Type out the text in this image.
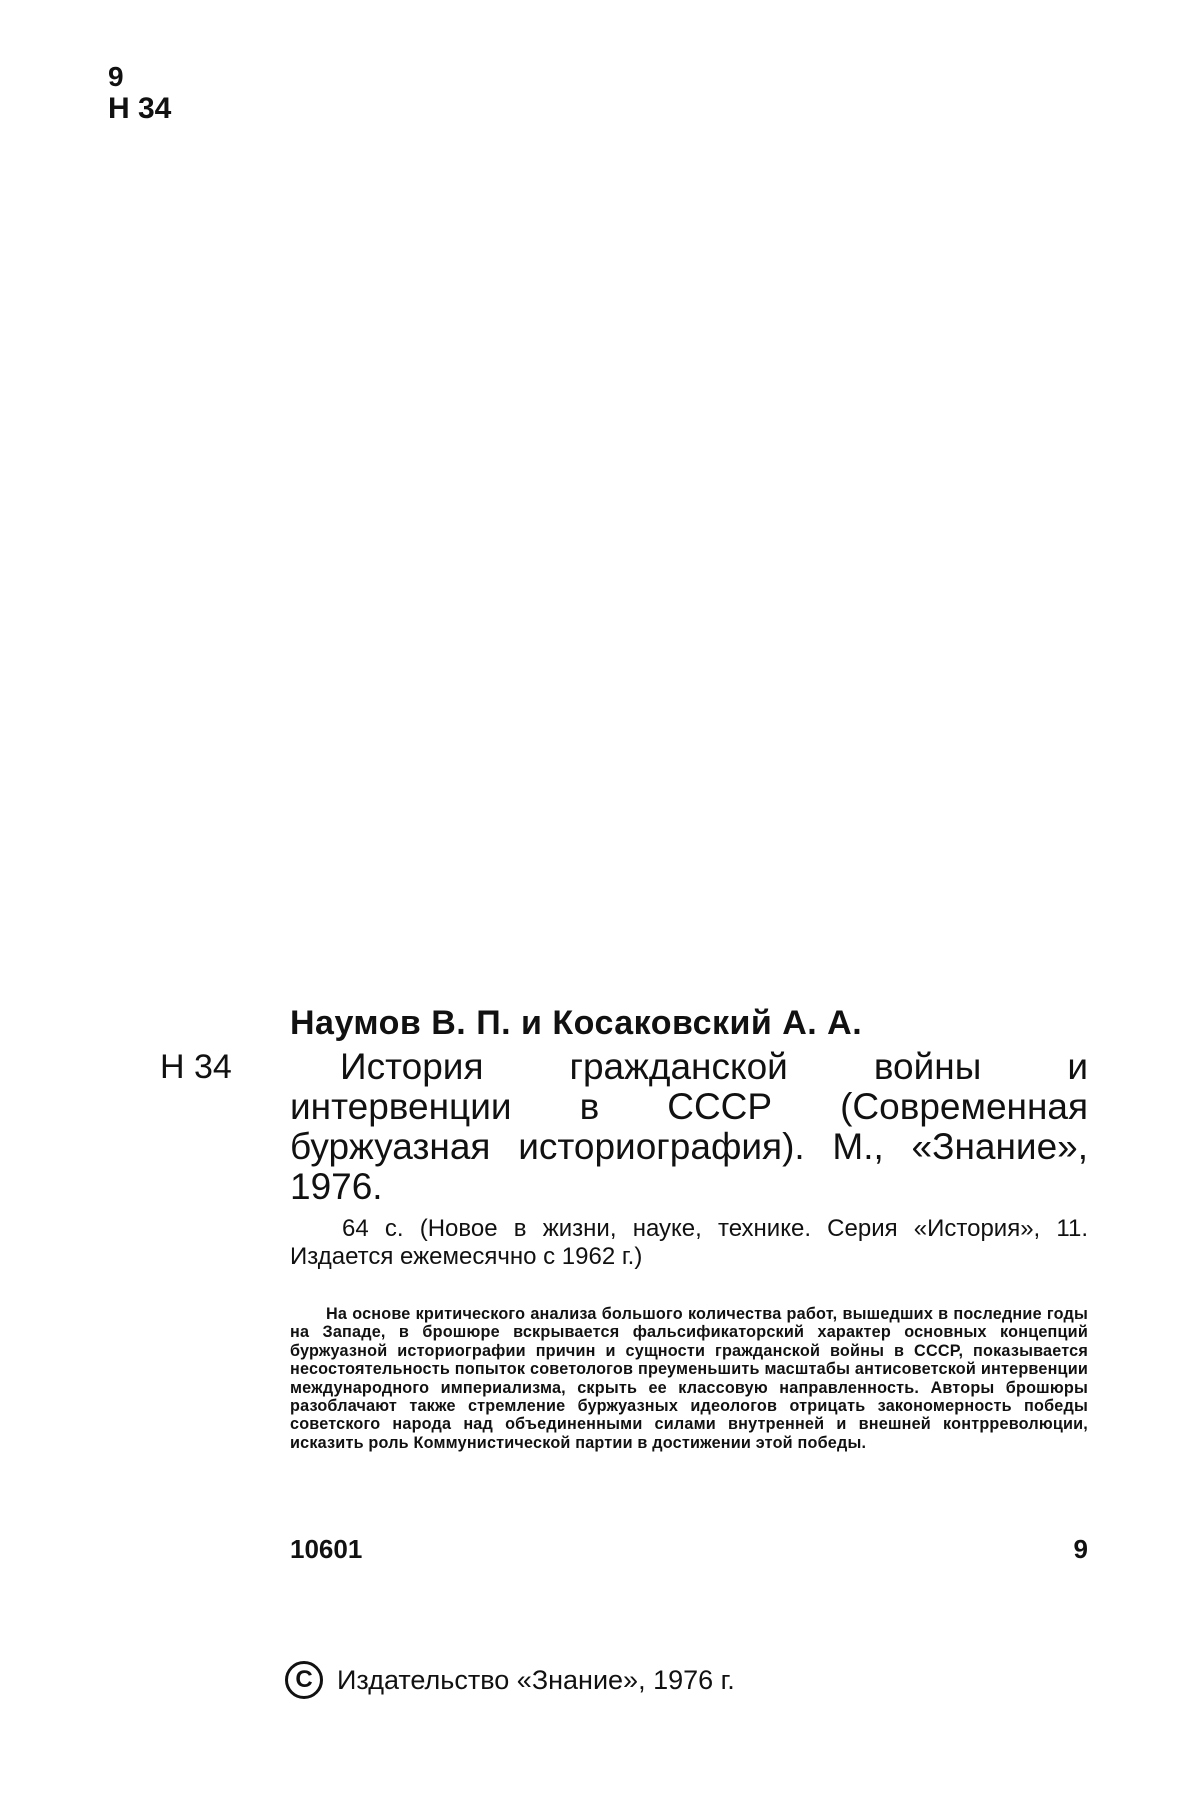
9
Н 34
Н 34
Наумов В. П. и Косаковский А. А.
История гражданской войны и интервенции в СССР (Современная буржуазная историография). М., «Знание», 1976.
64 с. (Новое в жизни, науке, технике. Серия «История», 11. Издается ежемесячно с 1962 г.)
На основе критического анализа большого количества работ, вышедших в последние годы на Западе, в брошюре вскрывается фальсификаторский характер основных концепций буржуазной историографии причин и сущности гражданской войны в СССР, показывается несостоятельность попыток советологов преуменьшить масштабы антисоветской интервенции международного империализма, скрыть ее классовую направленность. Авторы брошюры разоблачают также стремление буржуазных идеологов отрицать закономерность победы советского народа над объединенными силами внутренней и внешней контрреволюции, исказить роль Коммунистической партии в достижении этой победы.
10601	9
C Издательство «Знание», 1976 г.
